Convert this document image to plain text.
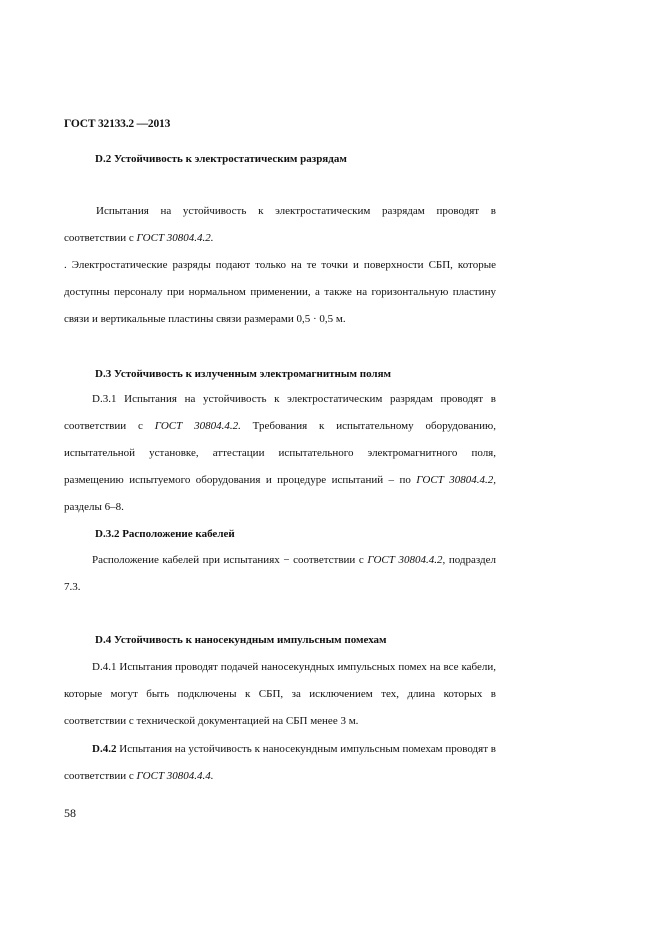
ГОСТ 32133.2 —2013
D.2 Устойчивость к электростатическим разрядам
Испытания на устойчивость к электростатическим разрядам проводят в соответствии с ГОСТ 30804.4.2.
. Электростатические разряды подают только на те точки и поверхности СБП, которые доступны персоналу при нормальном применении, а также на горизонтальную пластину связи и вертикальные пластины связи размерами 0,5 · 0,5 м.
D.3 Устойчивость к излученным электромагнитным полям
D.3.1 Испытания на устойчивость к электростатическим разрядам проводят в соответствии с ГОСТ 30804.4.2. Требования к испытательному оборудованию, испытательной установке, аттестации испытательного электромагнитного поля, размещению испытуемого оборудования и процедуре испытаний – по ГОСТ 30804.4.2, разделы 6–8.
D.3.2 Расположение кабелей
Расположение кабелей при испытаниях − соответствии с ГОСТ 30804.4.2, подраздел 7.3.
D.4 Устойчивость к наносекундным импульсным помехам
D.4.1 Испытания проводят подачей наносекундных импульсных помех на все кабели, которые могут быть подключены к СБП, за исключением тех, длина которых в соответствии с технической документацией на СБП менее 3 м.
D.4.2 Испытания на устойчивость к наносекундным импульсным помехам проводят в соответствии с ГОСТ 30804.4.4.
58
